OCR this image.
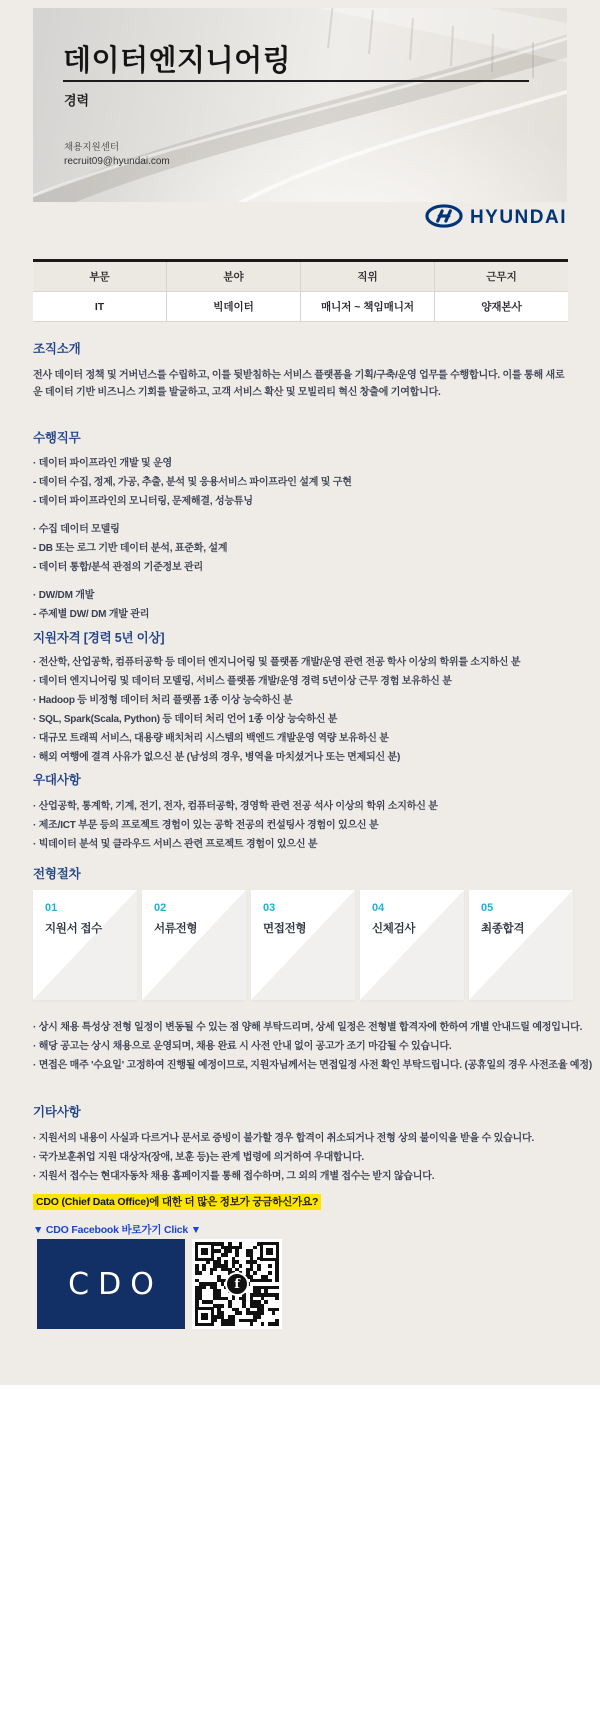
데이터엔지니어링
경력
채용지원센터
recruit09@hyundai.com
HYUNDAI
부문	분야	직위	근무지
IT	빅데이터	매니저 ~ 책임매니저	양재본사
조직소개
전사 데이터 정책 및 거버넌스를 수립하고, 이를 뒷받침하는 서비스 플랫폼을 기획/구축/운영 업무를 수행합니다. 이를 통해 새로운 데이터 기반 비즈니스 기회를 발굴하고, 고객 서비스 확산 및 모빌리티 혁신 창출에 기여합니다.
수행직무
· 데이터 파이프라인 개발 및 운영
- 데이터 수집, 정제, 가공, 추출, 분석 및 응용서비스 파이프라인 설계 및 구현
- 데이터 파이프라인의 모니터링, 문제해결, 성능튜닝
· 수집 데이터 모델링
- DB 또는 로그 기반 데이터 분석, 표준화, 설계
- 데이터 통합/분석 관점의 기준정보 관리
· DW/DM 개발
- 주제별 DW/ DM 개발 관리
지원자격 [경력 5년 이상]
· 전산학, 산업공학, 컴퓨터공학 등 데이터 엔지니어링 및 플랫폼 개발/운영 관련 전공 학사 이상의 학위를 소지하신 분
· 데이터 엔지니어링 및 데이터 모델링, 서비스 플랫폼 개발/운영 경력 5년이상 근무 경험 보유하신 분
· Hadoop 등 비정형 데이터 처리 플랫폼 1종 이상 능숙하신 분
· SQL, Spark(Scala, Python) 등 데이터 처리 언어 1종 이상 능숙하신 분
· 대규모 트래픽 서비스, 대용량 배치처리 시스템의 백엔드 개발운영 역량 보유하신 분
· 해외 여행에 결격 사유가 없으신 분 (남성의 경우, 병역을 마치셨거나 또는 면제되신 분)
우대사항
· 산업공학, 통계학, 기계, 전기, 전자, 컴퓨터공학, 경영학 관련 전공 석사 이상의 학위 소지하신 분
· 제조/ICT 부문 등의 프로젝트 경험이 있는 공학 전공의 컨설팅사 경험이 있으신 분
· 빅데이터 분석 및 클라우드 서비스 관련 프로젝트 경험이 있으신 분
전형절차
01
지원서 접수
02
서류전형
03
면접전형
04
신체검사
05
최종합격
· 상시 채용 특성상 전형 일정이 변동될 수 있는 점 양해 부탁드리며, 상세 일정은 전형별 합격자에 한하여 개별 안내드릴 예정입니다.
· 해당 공고는 상시 채용으로 운영되며, 채용 완료 시 사전 안내 없이 공고가 조기 마감될 수 있습니다.
· 면접은 매주 '수요일' 고정하여 진행될 예정이므로, 지원자님께서는 면접일정 사전 확인 부탁드립니다. (공휴일의 경우 사전조율 예정)
기타사항
· 지원서의 내용이 사실과 다르거나 문서로 증빙이 불가할 경우 합격이 취소되거나 전형 상의 불이익을 받을 수 있습니다.
· 국가보훈취업 지원 대상자(장애, 보훈 등)는 관계 법령에 의거하여 우대합니다.
· 지원서 접수는 현대자동차 채용 홈페이지를 통해 접수하며, 그 외의 개별 접수는 받지 않습니다.
CDO (Chief Data Office)에 대한 더 많은 정보가 궁금하신가요?
▼ CDO Facebook 바로가기 Click ▼
CDO	f
